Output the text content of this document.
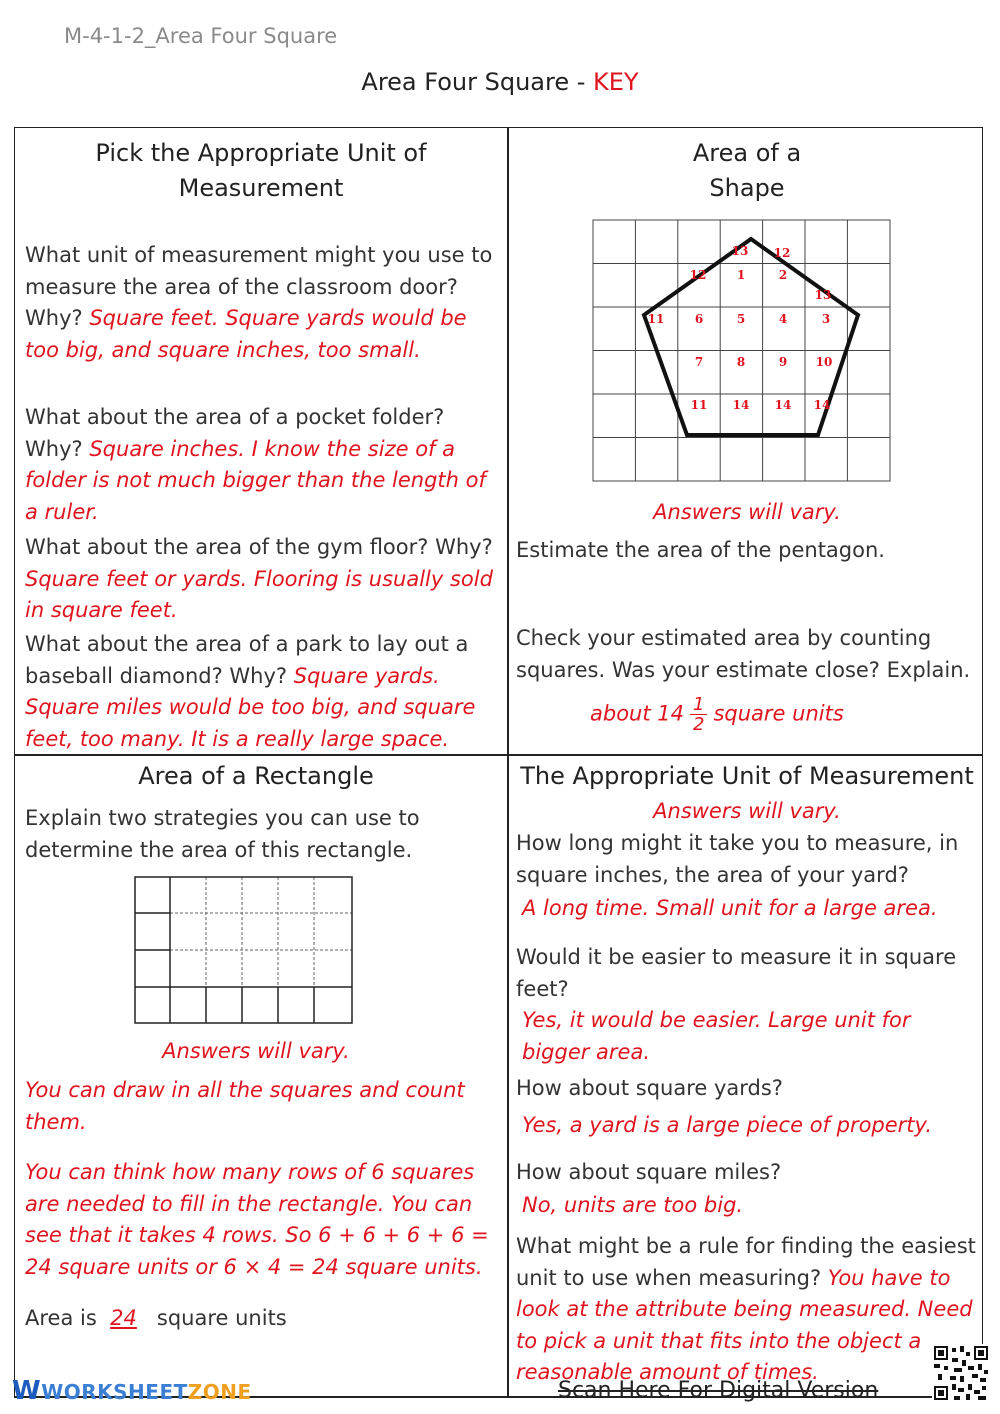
M-4-1-2_Area Four Square
Area Four Square - KEY
Pick the Appropriate Unit of
Measurement
What unit of measurement might you use to measure the area of the classroom door? Why? Square feet. Square yards would be too big, and square inches, too small.
What about the area of a pocket folder? Why? Square inches. I know the size of a folder is not much bigger than the length of a ruler.
What about the area of the gym floor? Why? Square feet or yards. Flooring is usually sold in square feet.
What about the area of a park to lay out a baseball diamond? Why? Square yards. Square miles would be too big, and square feet, too many. It is a really large space.
Area of a
Shape
13 12
12	1	2
13
11	6	5	4	3
7	8	9 10
11 14 14 14
Answers will vary.
Estimate the area of the pentagon.
Check your estimated area by counting squares. Was your estimate close? Explain.
about $14 \frac{1}{2}$ square units
Area of a Rectangle
Explain two strategies you can use to determine the area of this rectangle.
Answers will vary.
You can draw in all the squares and count them.
You can think how many rows of 6 squares are needed to fill in the rectangle. You can see that it takes 4 rows. So 6 + 6 + 6 + 6 = 24 square units or 6 × 4 = 24 square units.
Area is 24 square units
The Appropriate Unit of Measurement
Answers will vary.
How long might it take you to measure, in square inches, the area of your yard?
A long time. Small unit for a large area.
Would it be easier to measure it in square feet?
Yes, it would be easier. Large unit for bigger area.
How about square yards?
Yes, a yard is a large piece of property.
How about square miles?
No, units are too big.
What might be a rule for finding the easiest unit to use when measuring? You have to look at the attribute being measured. Need to pick a unit that fits into the object a reasonable amount of times.
WWORKSHEETZONE	Scan Here For Digital Version
